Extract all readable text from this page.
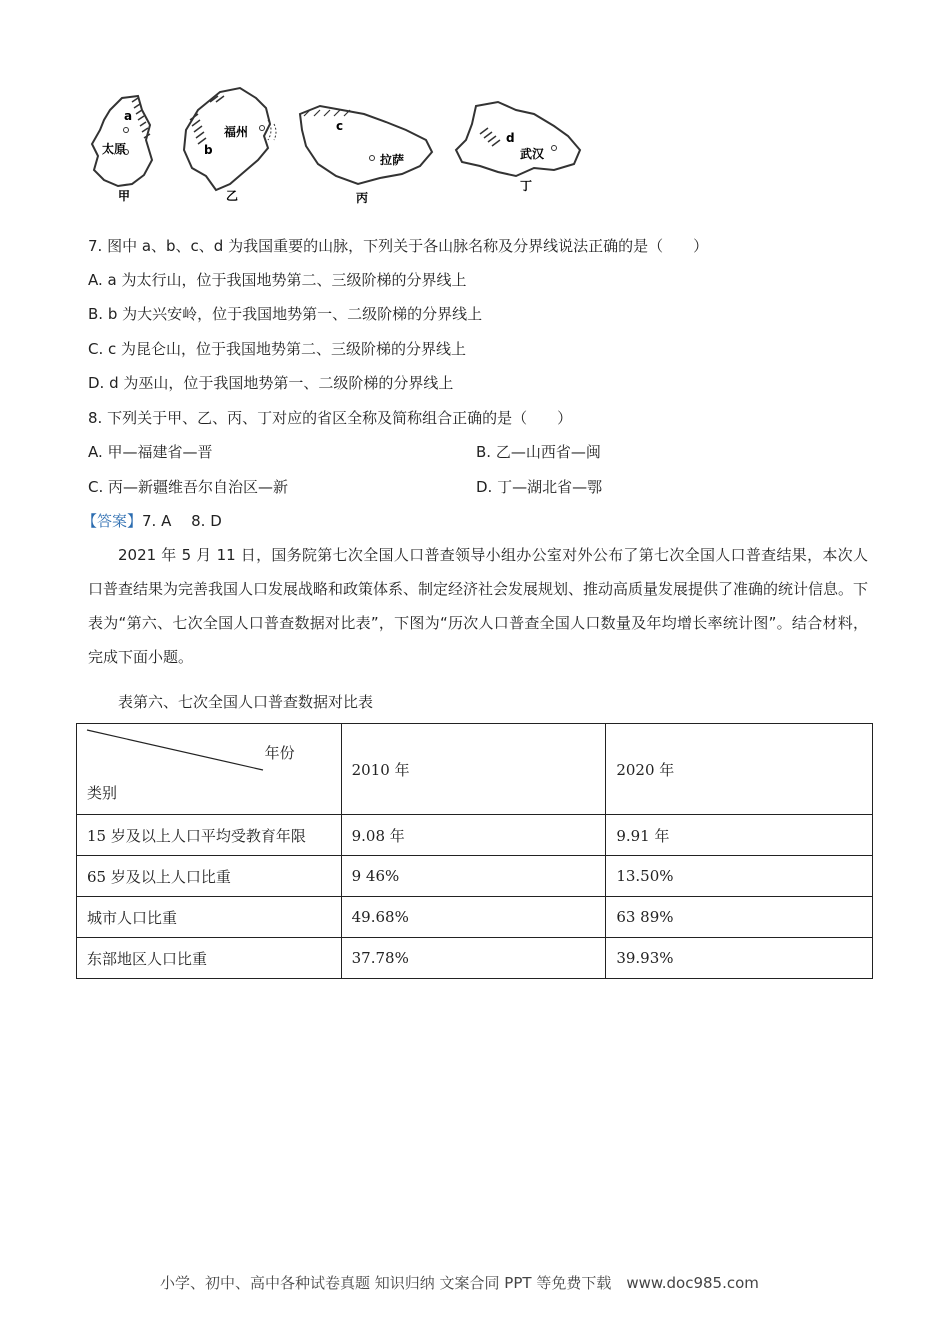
a
太原
甲
福州
b
乙
c
拉萨
丙
d
武汉
丁
7. 图中 a、b、c、d 为我国重要的山脉，下列关于各山脉名称及分界线说法正确的是（　　）
A. a 为太行山，位于我国地势第二、三级阶梯的分界线上
B. b 为大兴安岭，位于我国地势第一、二级阶梯的分界线上
C. c 为昆仑山，位于我国地势第二、三级阶梯的分界线上
D. d 为巫山，位于我国地势第一、二级阶梯的分界线上
8. 下列关于甲、乙、丙、丁对应的省区全称及简称组合正确的是（　　）
A. 甲—福建省—晋	B. 乙—山西省—闽
C. 丙—新疆维吾尔自治区—新	D. 丁—湖北省—鄂
【答案】7. A　 8. D
2021 年 5 月 11 日，国务院第七次全国人口普查领导小组办公室对外公布了第七次全国人口普查结果，本次人口普查结果为完善我国人口发展战略和政策体系、制定经济社会发展规划、推动高质量发展提供了准确的统计信息。下表为“第六、七次全国人口普查数据对比表”，下图为“历次人口普查全国人口数量及年均增长率统计图”。结合材料，完成下面小题。
表第六、七次全国人口普查数据对比表
年份
类别	2010 年	2020 年
15 岁及以上人口平均受教育年限	9.08 年	9.91 年
65 岁及以上人口比重	9 46%	13.50%
城市人口比重	49.68%	63 89%
东部地区人口比重	37.78%	39.93%
小学、初中、高中各种试卷真题 知识归纳 文案合同 PPT 等免费下载　www.doc985.com
